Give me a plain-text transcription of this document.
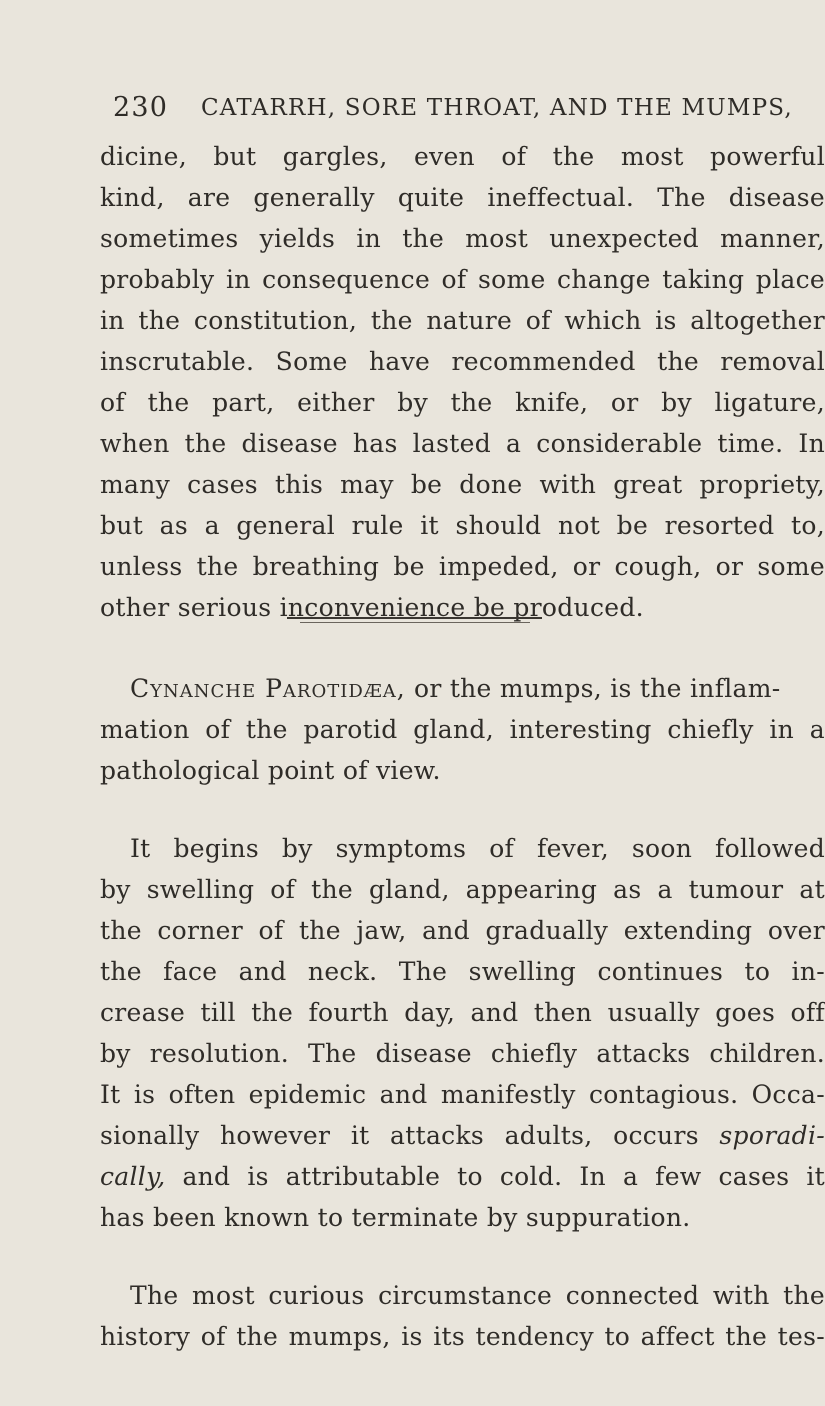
230 CATARRH, SORE THROAT, AND THE MUMPS,
dicine, but gargles, even of the most powerful
kind, are generally quite ineffectual. The disease
sometimes yields in the most unexpected manner,
probably in consequence of some change taking place
in the constitution, the nature of which is altogether
inscrutable. Some have recommended the removal
of the part, either by the knife, or by ligature,
when the disease has lasted a considerable time. In
many cases this may be done with great propriety,
but as a general rule it should not be resorted to,
unless the breathing be impeded, or cough, or some
other serious inconvenience be produced.
Cynanche Parotidæa, or the mumps, is the inflam-
mation of the parotid gland, interesting chiefly in a
pathological point of view.
It begins by symptoms of fever, soon followed
by swelling of the gland, appearing as a tumour at
the corner of the jaw, and gradually extending over
the face and neck. The swelling continues to in-
crease till the fourth day, and then usually goes off
by resolution. The disease chiefly attacks children.
It is often epidemic and manifestly contagious. Occa-
sionally however it attacks adults, occurs sporadi-
cally, and is attributable to cold. In a few cases it
has been known to terminate by suppuration.
The most curious circumstance connected with the
history of the mumps, is its tendency to affect the tes-
